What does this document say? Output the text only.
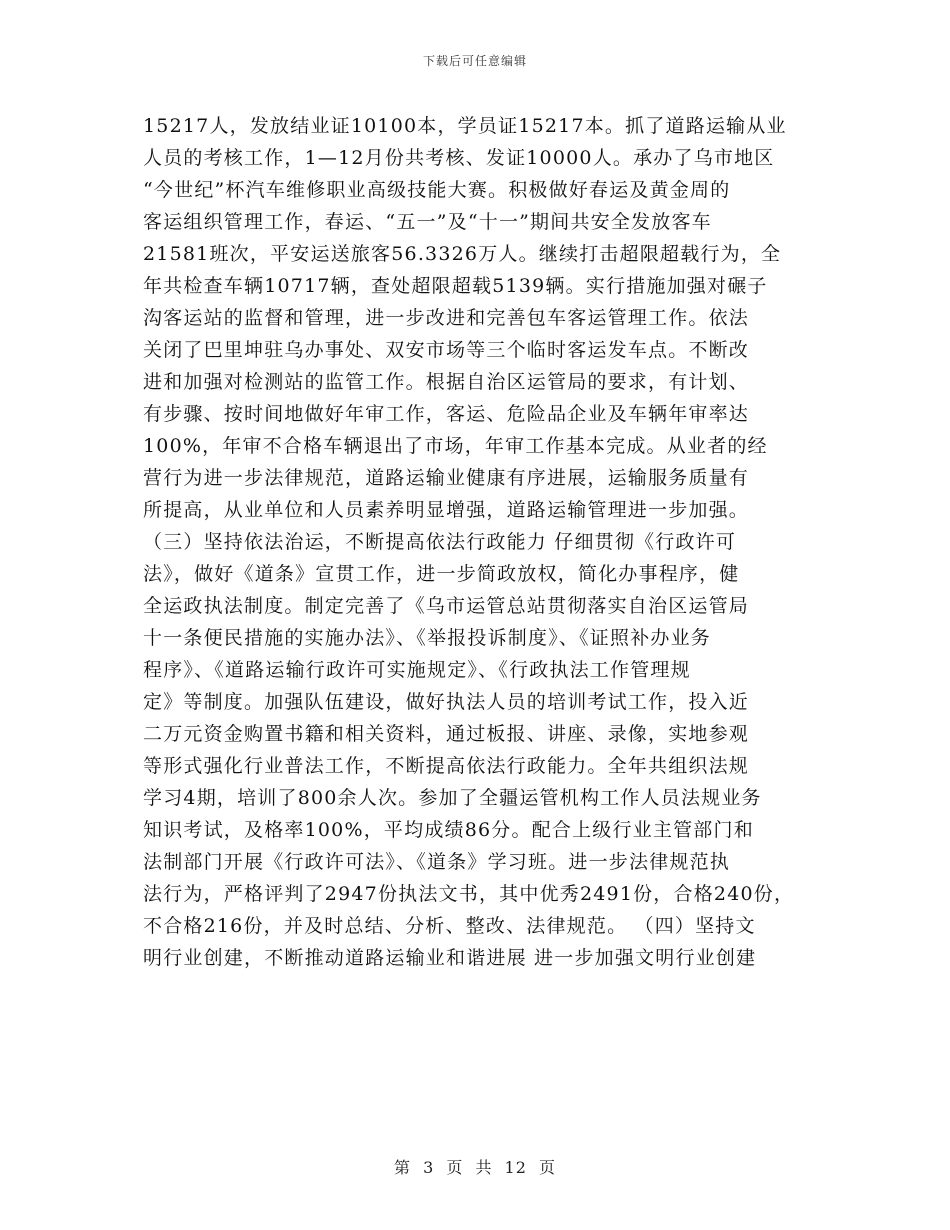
下载后可任意编辑
15217人，发放结业证10100本，学员证15217本。抓了道路运输从业
人员的考核工作，1—12月份共考核、发证10000人。承办了乌市地区
“今世纪”杯汽车维修职业高级技能大赛。积极做好春运及黄金周的
客运组织管理工作，春运、“五一”及“十一”期间共安全发放客车
21581班次，平安运送旅客56.3326万人。继续打击超限超载行为，全
年共检查车辆10717辆，查处超限超载5139辆。实行措施加强对碾子
沟客运站的监督和管理，进一步改进和完善包车客运管理工作。依法
关闭了巴里坤驻乌办事处、双安市场等三个临时客运发车点。不断改
进和加强对检测站的监管工作。根据自治区运管局的要求，有计划、
有步骤、按时间地做好年审工作，客运、危险品企业及车辆年审率达
100%，年审不合格车辆退出了市场，年审工作基本完成。从业者的经
营行为进一步法律规范，道路运输业健康有序进展，运输服务质量有
所提高，从业单位和人员素养明显增强，道路运输管理进一步加强。
（三）坚持依法治运，不断提高依法行政能力 仔细贯彻《行政许可
法》，做好《道条》宣贯工作，进一步简政放权，简化办事程序，健
全运政执法制度。制定完善了《乌市运管总站贯彻落实自治区运管局
十一条便民措施的实施办法》、《举报投诉制度》、《证照补办业务
程序》、《道路运输行政许可实施规定》、《行政执法工作管理规
定》等制度。加强队伍建设，做好执法人员的培训考试工作，投入近
二万元资金购置书籍和相关资料，通过板报、讲座、录像，实地参观
等形式强化行业普法工作，不断提高依法行政能力。全年共组织法规
学习4期，培训了800余人次。参加了全疆运管机构工作人员法规业务
知识考试，及格率100%，平均成绩86分。配合上级行业主管部门和
法制部门开展《行政许可法》、《道条》学习班。进一步法律规范执
法行为，严格评判了2947份执法文书，其中优秀2491份，合格240份，
不合格216份，并及时总结、分析、整改、法律规范。 （四）坚持文
明行业创建，不断推动道路运输业和谐进展 进一步加强文明行业创建
第 3 页 共 12 页
